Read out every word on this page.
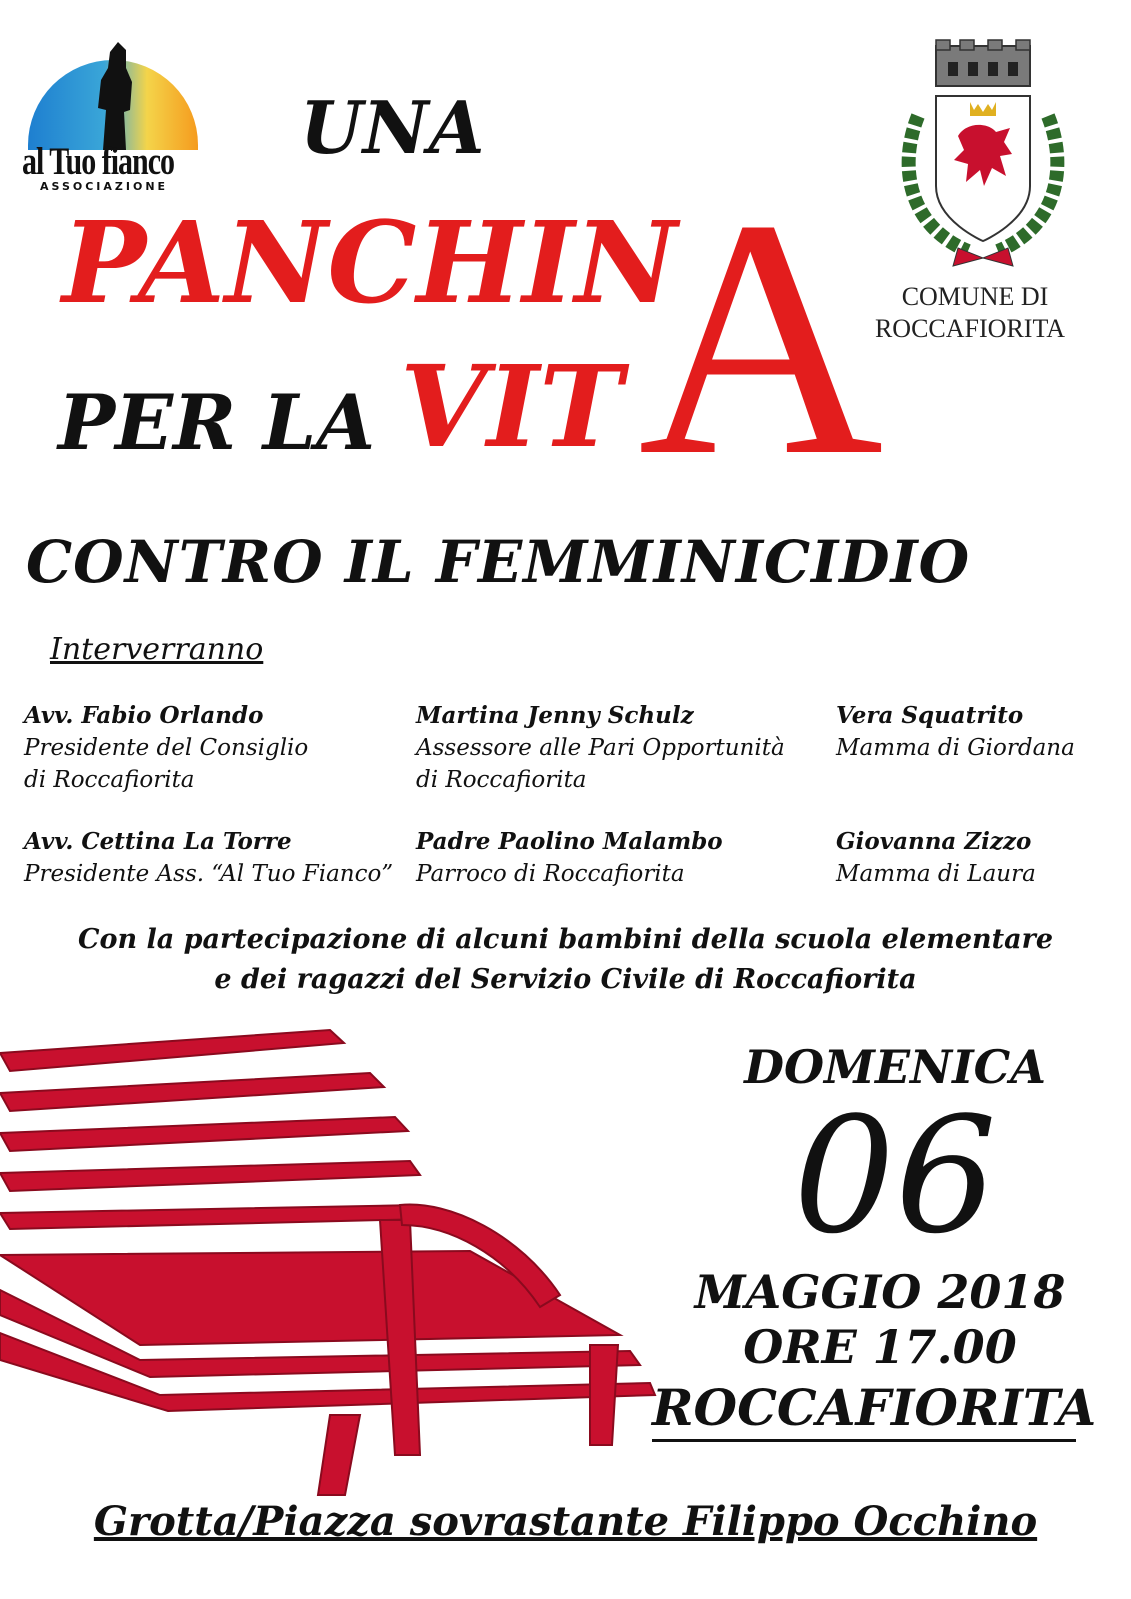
al Tuo fianco
ASSOCIAZIONE
UNA
PANCHIN
PER LA VIT A COMUNE DI
ROCCAFIORITA
CONTRO IL FEMMINICIDIO
Interverranno
Avv. Fabio Orlando
Presidente del Consiglio
di Roccafiorita
Martina Jenny Schulz
Assessore alle Pari Opportunità
di Roccafiorita
Vera Squatrito
Mamma di Giordana
Avv. Cettina La Torre
Presidente Ass. “Al Tuo Fianco”
Padre Paolino Malambo
Parroco di Roccafiorita
Giovanna Zizzo
Mamma di Laura
Con la partecipazione di alcuni bambini della scuola elementare
e dei ragazzi del Servizio Civile di Roccafiorita
DOMENICA
06
MAGGIO 2018
ORE 17.00
ROCCAFIORITA
Grotta/Piazza sovrastante Filippo Occhino
